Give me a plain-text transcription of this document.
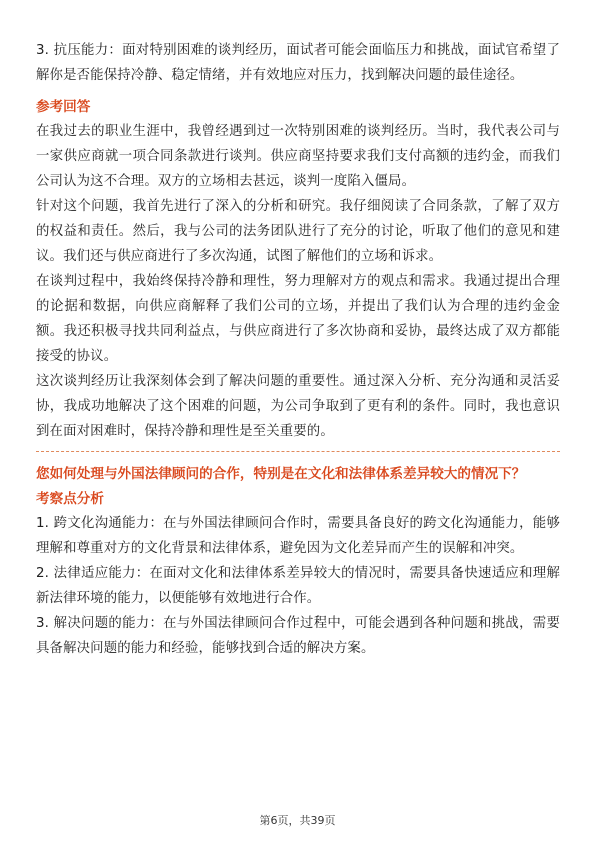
3. 抗压能力：面对特别困难的谈判经历，面试者可能会面临压力和挑战，面试官希望了解你是否能保持冷静、稳定情绪，并有效地应对压力，找到解决问题的最佳途径。

参考回答

在我过去的职业生涯中，我曾经遇到过一次特别困难的谈判经历。当时，我代表公司与一家供应商就一项合同条款进行谈判。供应商坚持要求我们支付高额的违约金，而我们公司认为这不合理。双方的立场相去甚远，谈判一度陷入僵局。

针对这个问题，我首先进行了深入的分析和研究。我仔细阅读了合同条款，了解了双方的权益和责任。然后，我与公司的法务团队进行了充分的讨论，听取了他们的意见和建议。我们还与供应商进行了多次沟通，试图了解他们的立场和诉求。

在谈判过程中，我始终保持冷静和理性，努力理解对方的观点和需求。我通过提出合理的论据和数据，向供应商解释了我们公司的立场，并提出了我们认为合理的违约金金额。我还积极寻找共同利益点，与供应商进行了多次协商和妥协，最终达成了双方都能接受的协议。

这次谈判经历让我深刻体会到了解决问题的重要性。通过深入分析、充分沟通和灵活妥协，我成功地解决了这个困难的问题，为公司争取到了更有利的条件。同时，我也意识到在面对困难时，保持冷静和理性是至关重要的。

您如何处理与外国法律顾问的合作，特别是在文化和法律体系差异较大的情况下？
考察点分析

1. 跨文化沟通能力：在与外国法律顾问合作时，需要具备良好的跨文化沟通能力，能够理解和尊重对方的文化背景和法律体系，避免因为文化差异而产生的误解和冲突。

2. 法律适应能力：在面对文化和法律体系差异较大的情况时，需要具备快速适应和理解新法律环境的能力，以便能够有效地进行合作。

3. 解决问题的能力：在与外国法律顾问合作过程中，可能会遇到各种问题和挑战，需要具备解决问题的能力和经验，能够找到合适的解决方案。

第6页，共39页
